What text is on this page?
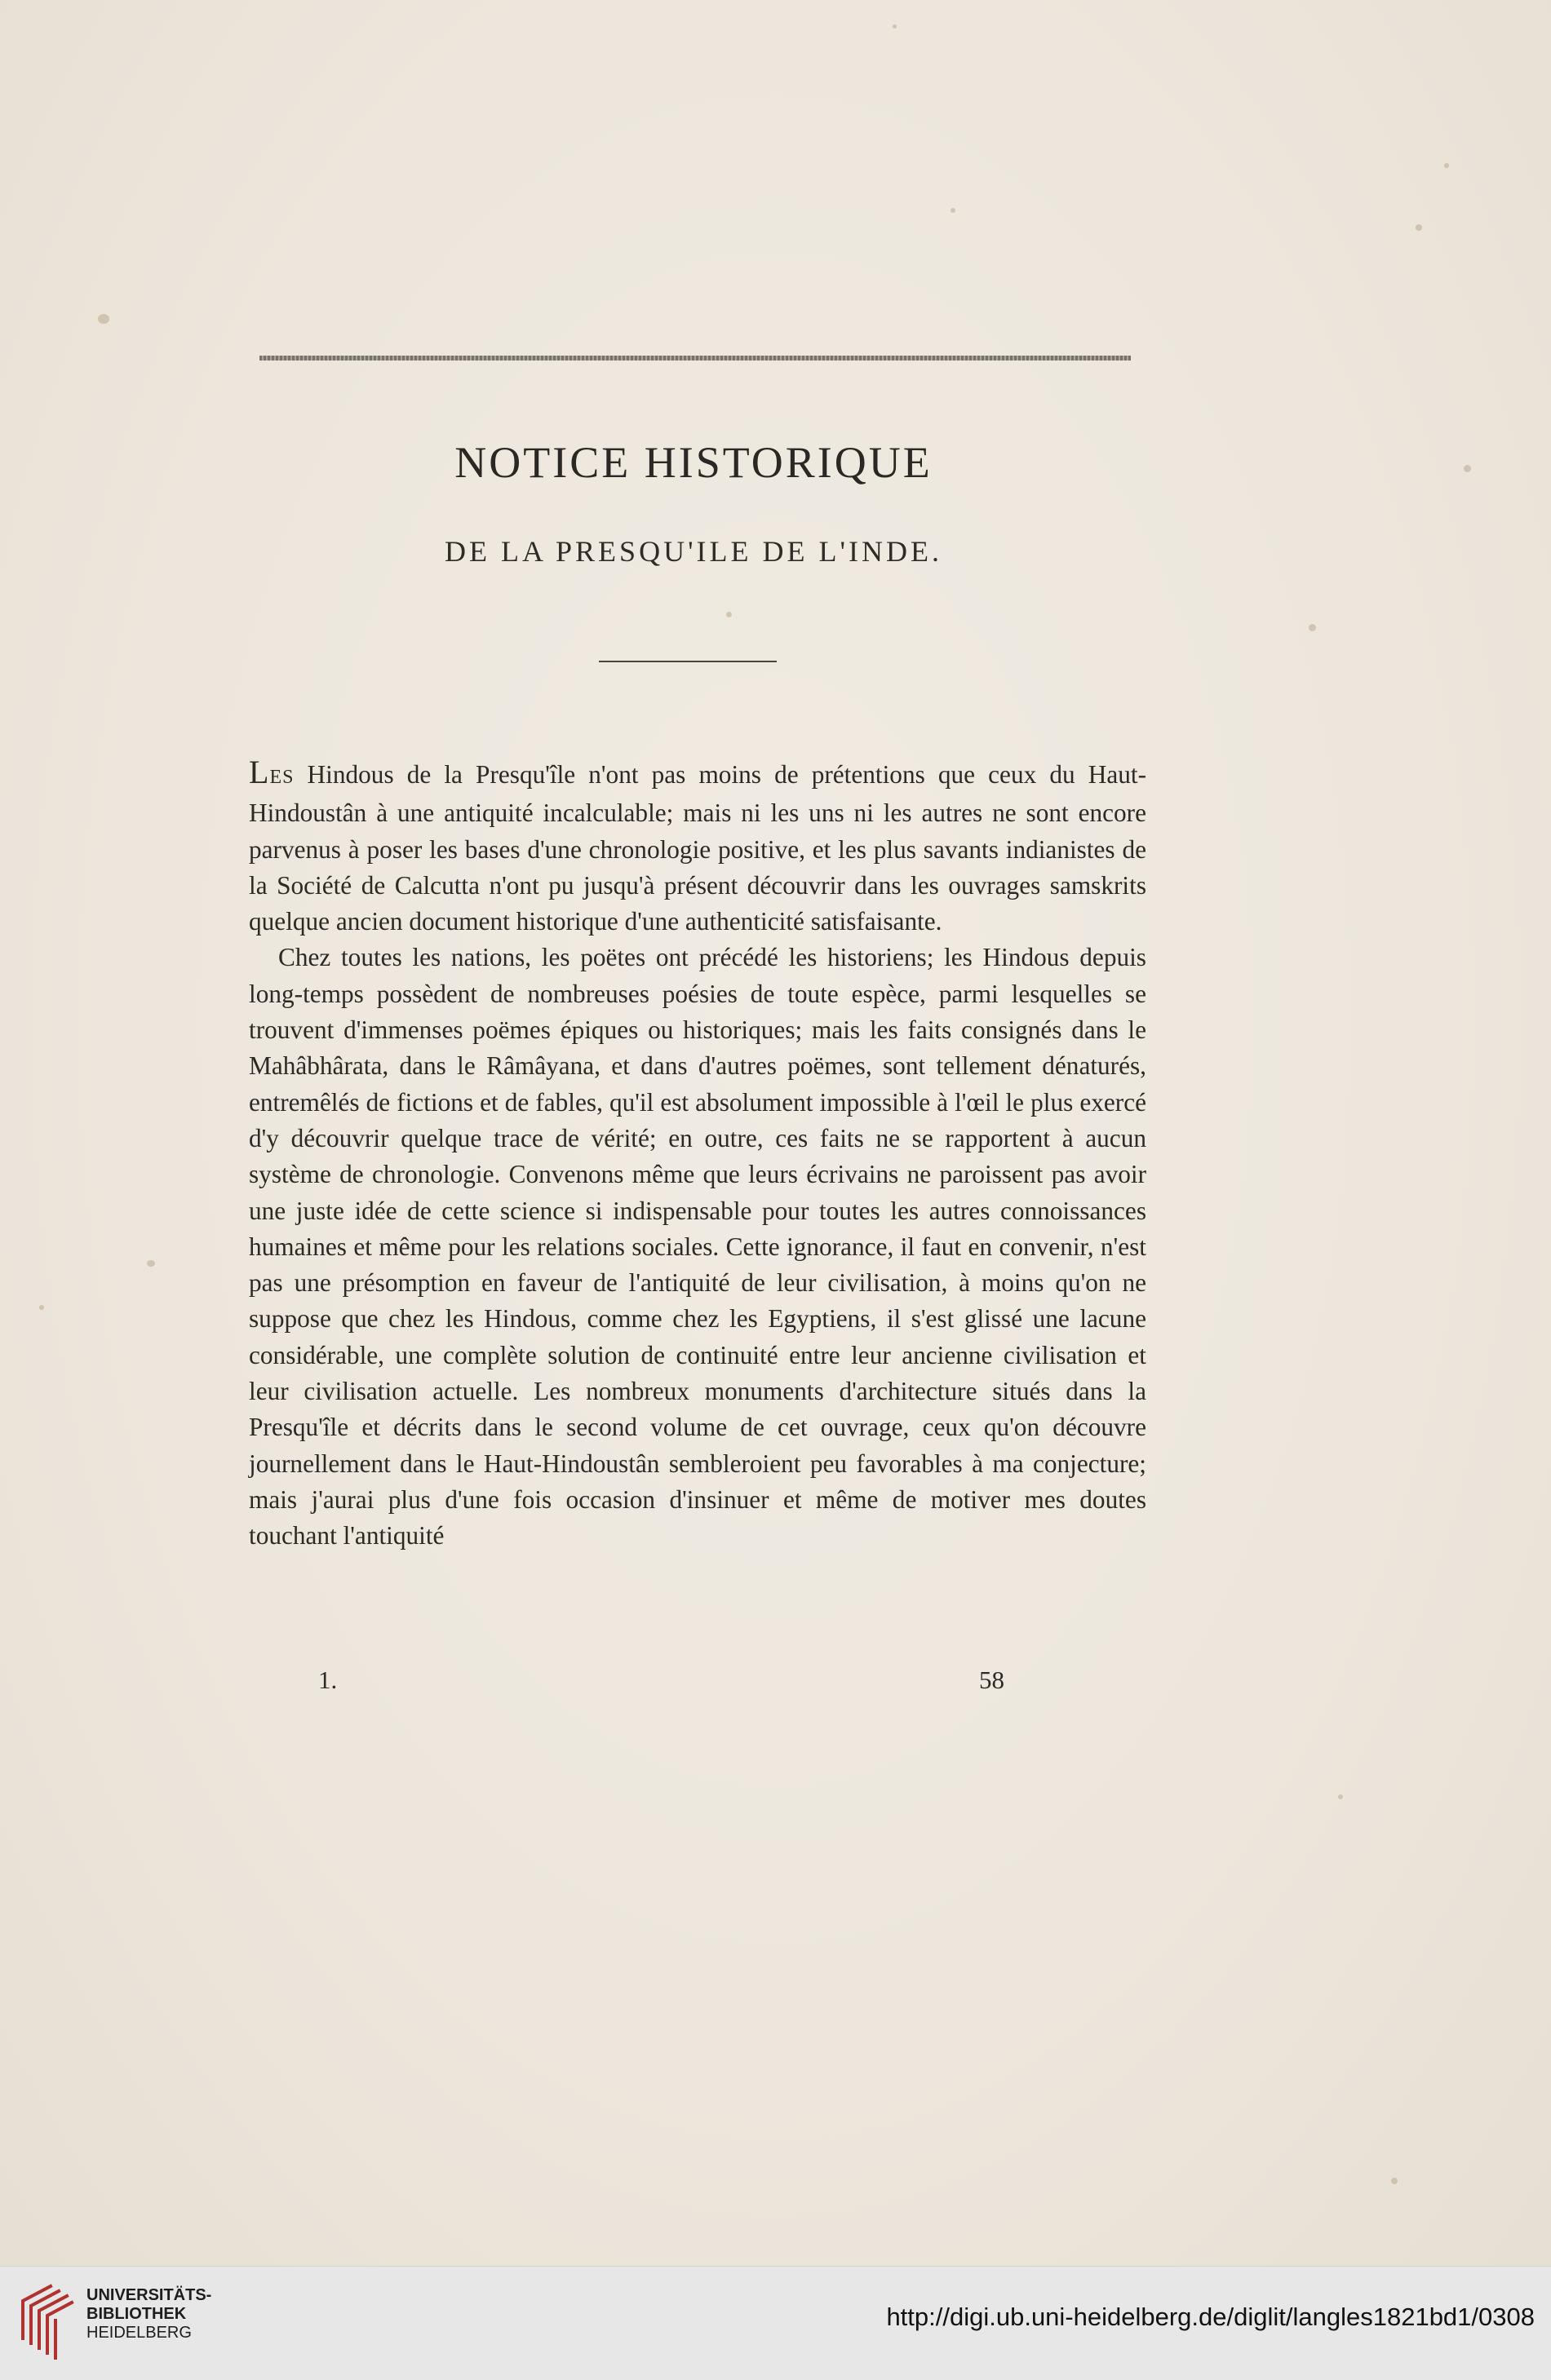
NOTICE HISTORIQUE
DE LA PRESQU'ILE DE L'INDE.

LES Hindous de la Presqu'île n'ont pas moins de prétentions que ceux du Haut-Hindoustân à une antiquité incalculable; mais ni les uns ni les autres ne sont encore parvenus à poser les bases d'une chronologie positive, et les plus savants indianistes de la Société de Calcutta n'ont pu jusqu'à présent découvrir dans les ouvrages samskrits quelque ancien document historique d'une authenticité satisfaisante.

Chez toutes les nations, les poëtes ont précédé les historiens; les Hindous depuis long-temps possèdent de nombreuses poésies de toute espèce, parmi lesquelles se trouvent d'immenses poëmes épiques ou historiques; mais les faits consignés dans le Mahâbhârata, dans le Râmâyana, et dans d'autres poëmes, sont tellement dénaturés, entremêlés de fictions et de fables, qu'il est absolument impossible à l'œil le plus exercé d'y découvrir quelque trace de vérité; en outre, ces faits ne se rapportent à aucun système de chronologie. Convenons même que leurs écrivains ne paroissent pas avoir une juste idée de cette science si indispensable pour toutes les autres connoissances humaines et même pour les relations sociales. Cette ignorance, il faut en convenir, n'est pas une présomption en faveur de l'antiquité de leur civilisation, à moins qu'on ne suppose que chez les Hindous, comme chez les Egyptiens, il s'est glissé une lacune considérable, une complète solution de continuité entre leur ancienne civilisation et leur civilisation actuelle. Les nombreux monuments d'architecture situés dans la Presqu'île et décrits dans le second volume de cet ouvrage, ceux qu'on découvre journellement dans le Haut-Hindoustân sembleroient peu favorables à ma conjecture; mais j'aurai plus d'une fois occasion d'insinuer et même de motiver mes doutes touchant l'antiquité

1.	58
UNIVERSITÄTS-
BIBLIOTHEK
HEIDELBERG
http://digi.ub.uni-heidelberg.de/diglit/langles1821bd1/0308
